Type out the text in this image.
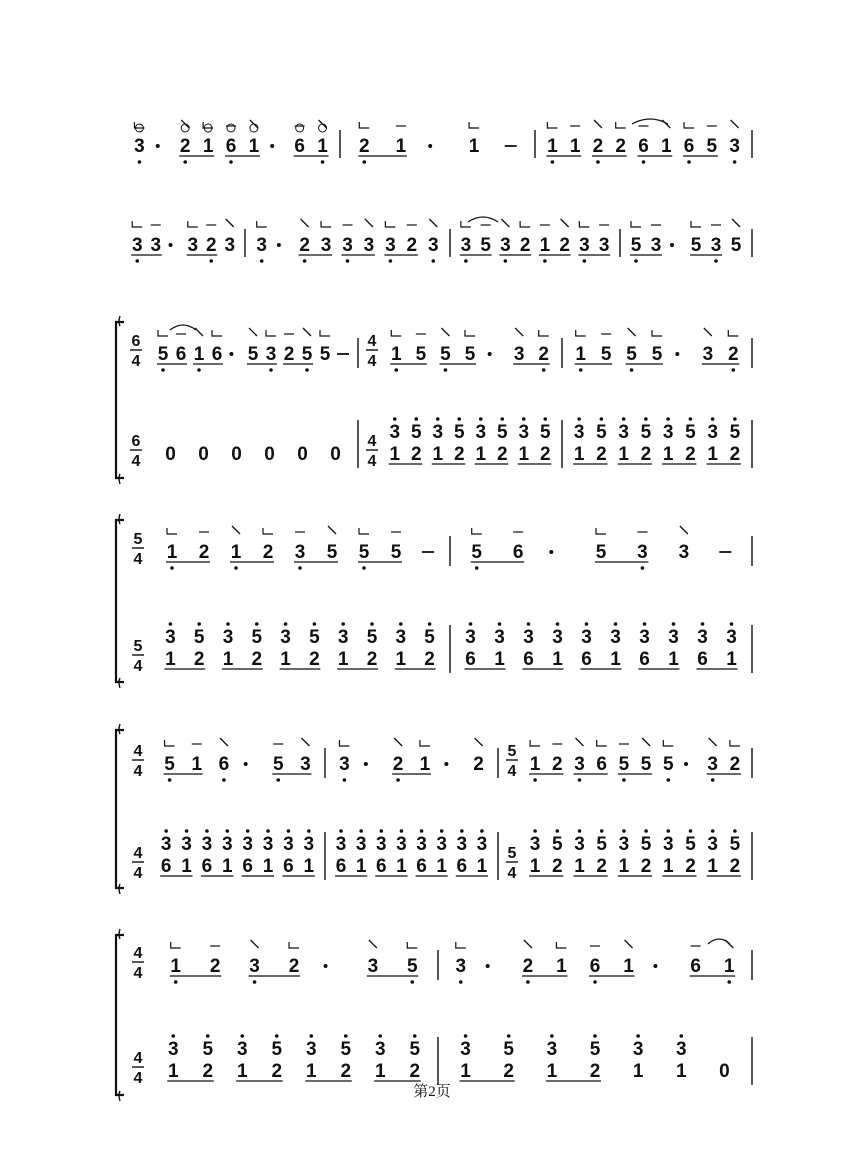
3 2 1 6 1 6 1 2 1	1	1 1 2 2 6 1 6 5 3
3 3 3 2 3 3 2 3 3 3 3 2 3 3 5 3 2 1 2 3 3 5 3 5 3 5
6
4 5 6 1 6 5 3 2 5 5
4
4 1 5 5 5 3 2 1 5 5 5 3 2
6
4 0 0 0 0 0 0
4
4
3
1
5
2
3
1
5
2
3
1
5
2
3
1
5
2
3
1
5
2
3
1
5
2
3
1
5
2
3
1
5
2
5
4 1 2 1 2 3 5 5 5	5 6	5 3 3
5
4
3
1
5
2
3
1
5
2
3
1
5
2
3
1
5
2
3
1
5
2
3
6
3
1
3
6
3
1
3
6
3
1
3
6
3
1
3
6
3
1
4
4 5 1 6 5 3 3 2 1 2
5
4 1 2 3 6 5 5 5 3 2
4
4
3
6
3
1
3
6
3
1
3
6
3
1
3
6
3
1
3
6
3
1
3
6
3
1
3
6
3
1
3
6
3
1
5
4
3
1
5
2
3
1
5
2
3
1
5
2
3
1
5
2
3
1
5
2
4
4 1 2 3 2	3 5 3	2 1 6 1	6 1
4
4
3
1
5
2
3
1
5
2
3
1
5
2
3
1
5
2
3
1
5
2
3
1
5
2
3
1 1
3
0
第2页
